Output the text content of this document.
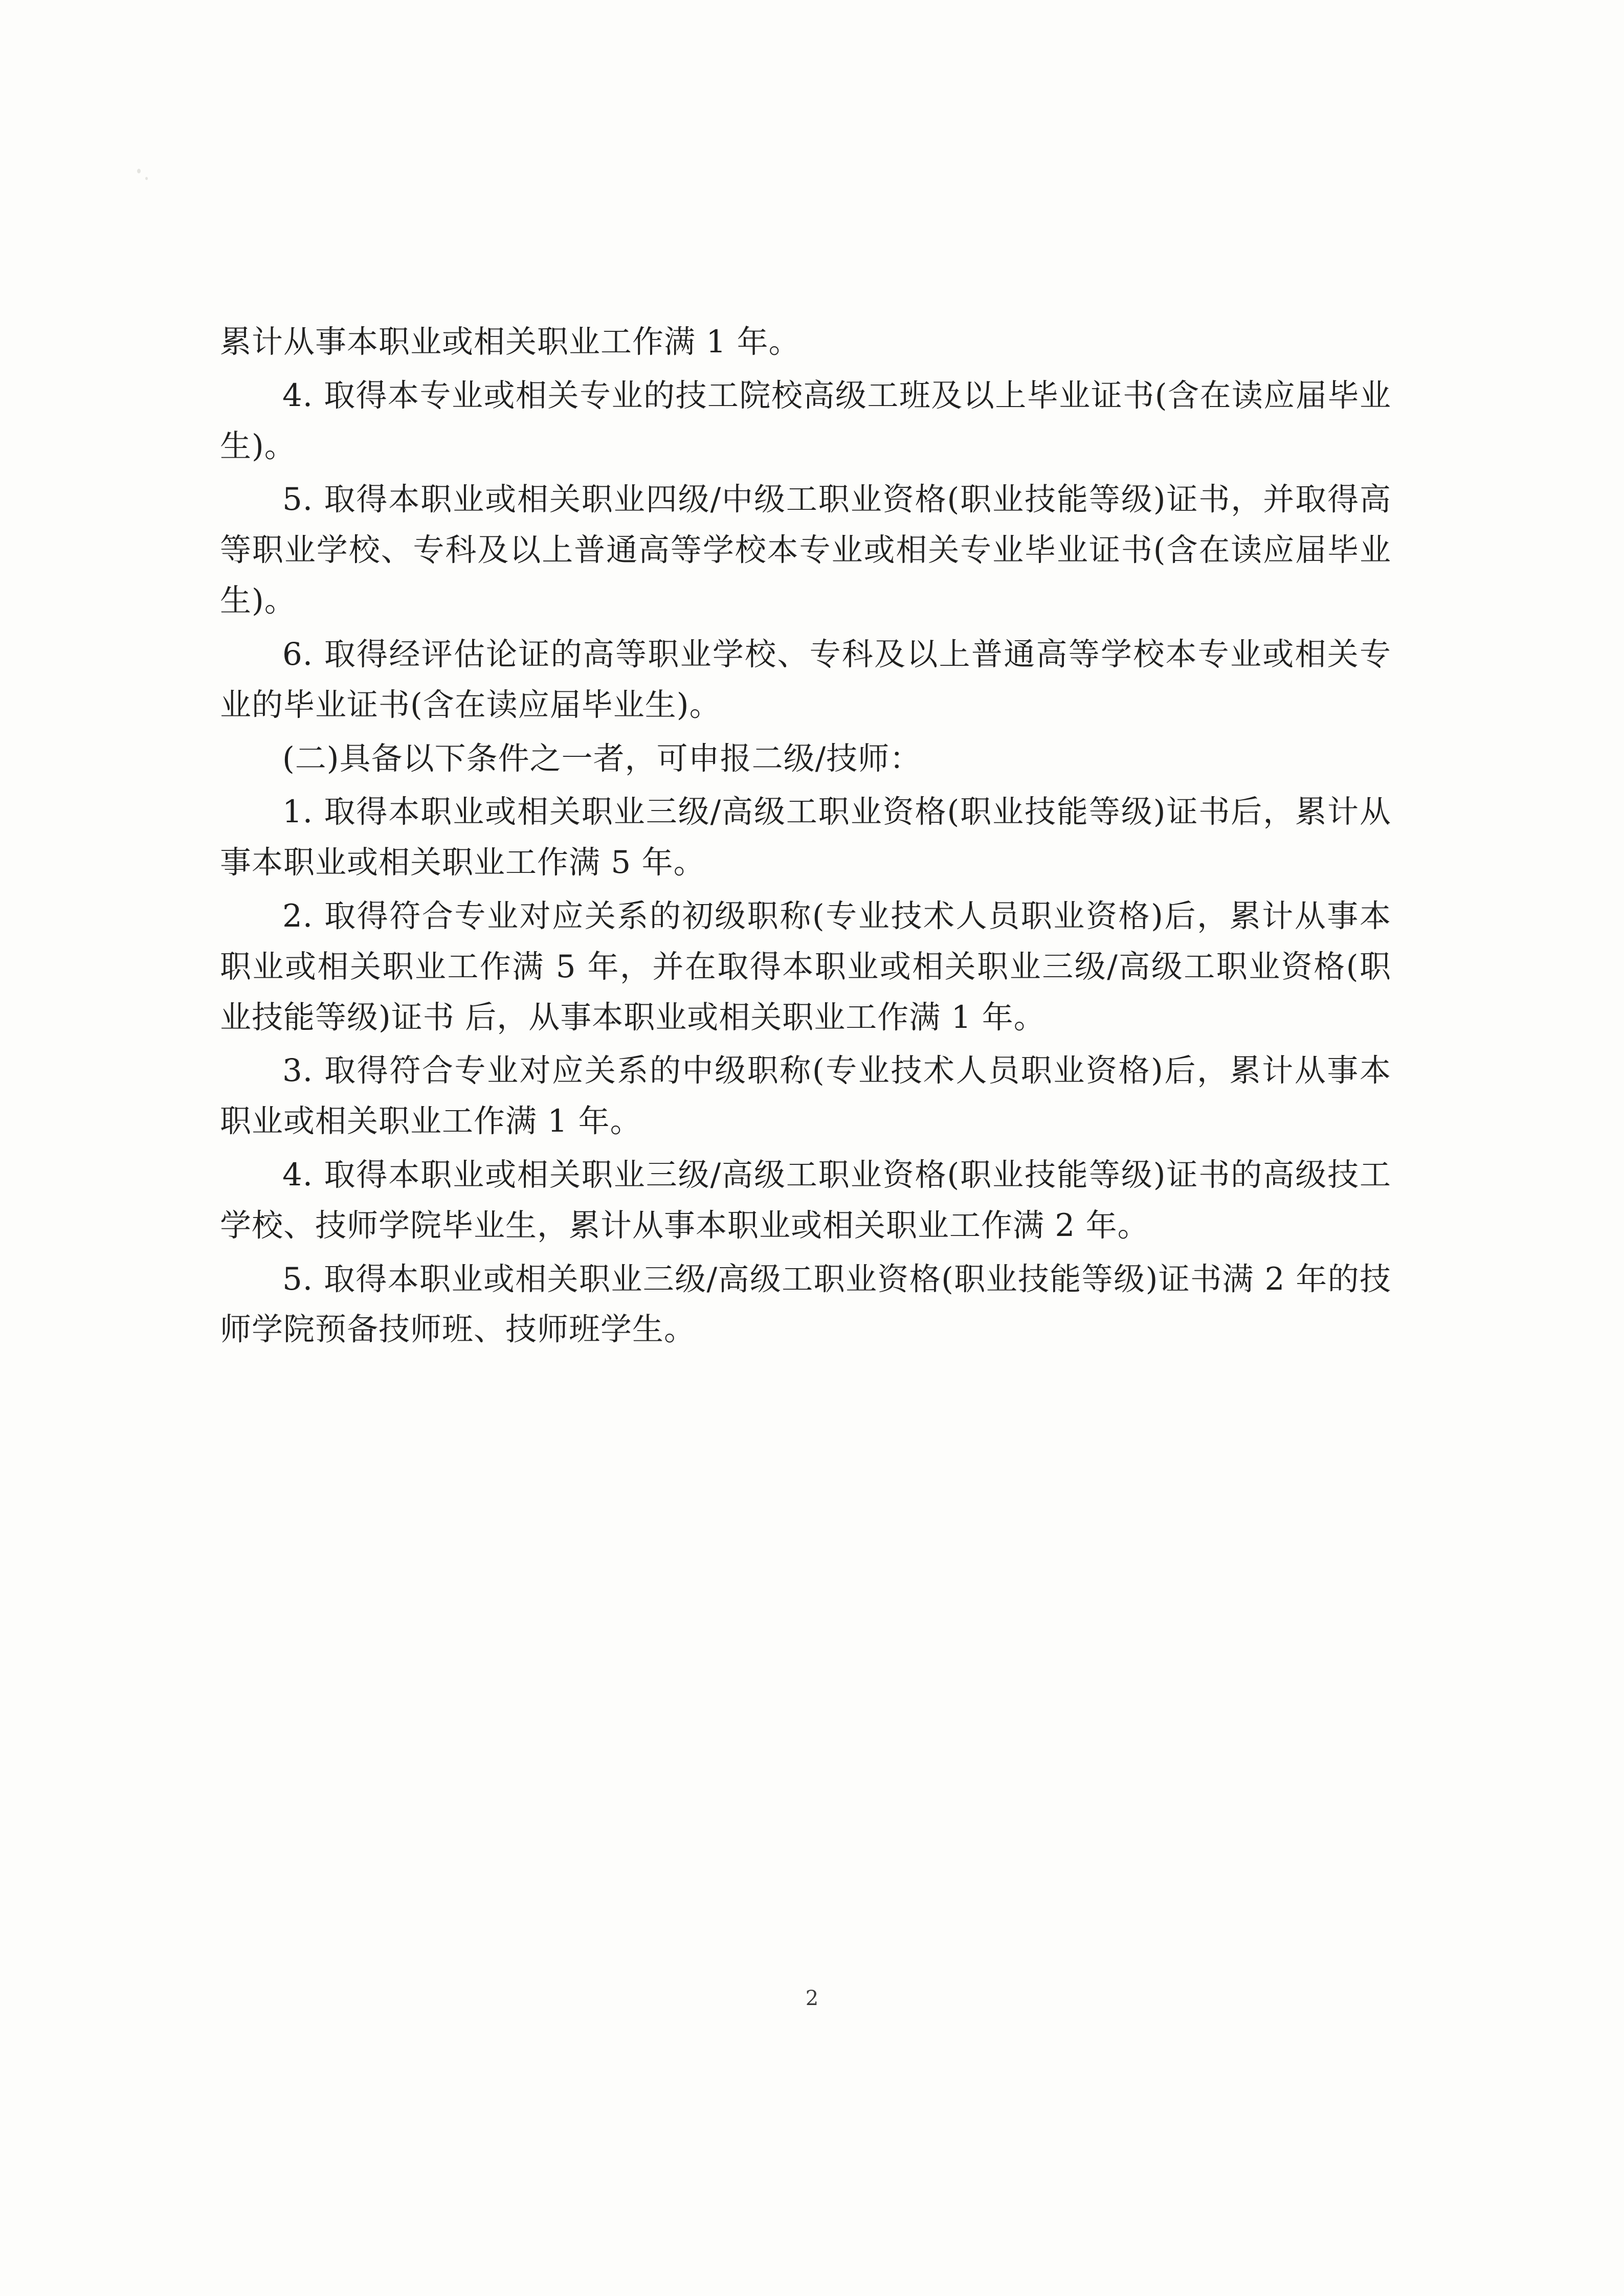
累计从事本职业或相关职业工作满 1 年。

4. 取得本专业或相关专业的技工院校高级工班及以上毕业证书(含在读应届毕业生)。

5. 取得本职业或相关职业四级/中级工职业资格(职业技能等级)证书，并取得高等职业学校、专科及以上普通高等学校本专业或相关专业毕业证书(含在读应届毕业生)。

6. 取得经评估论证的高等职业学校、专科及以上普通高等学校本专业或相关专业的毕业证书(含在读应届毕业生)。

(二)具备以下条件之一者，可申报二级/技师：

1. 取得本职业或相关职业三级/高级工职业资格(职业技能等级)证书后，累计从事本职业或相关职业工作满 5 年。

2. 取得符合专业对应关系的初级职称(专业技术人员职业资格)后，累计从事本职业或相关职业工作满 5 年，并在取得本职业或相关职业三级/高级工职业资格(职业技能等级)证书 后，从事本职业或相关职业工作满 1 年。

3. 取得符合专业对应关系的中级职称(专业技术人员职业资格)后，累计从事本职业或相关职业工作满 1 年。

4. 取得本职业或相关职业三级/高级工职业资格(职业技能等级)证书的高级技工学校、技师学院毕业生，累计从事本职业或相关职业工作满 2 年。

5. 取得本职业或相关职业三级/高级工职业资格(职业技能等级)证书满 2 年的技师学院预备技师班、技师班学生。

2
